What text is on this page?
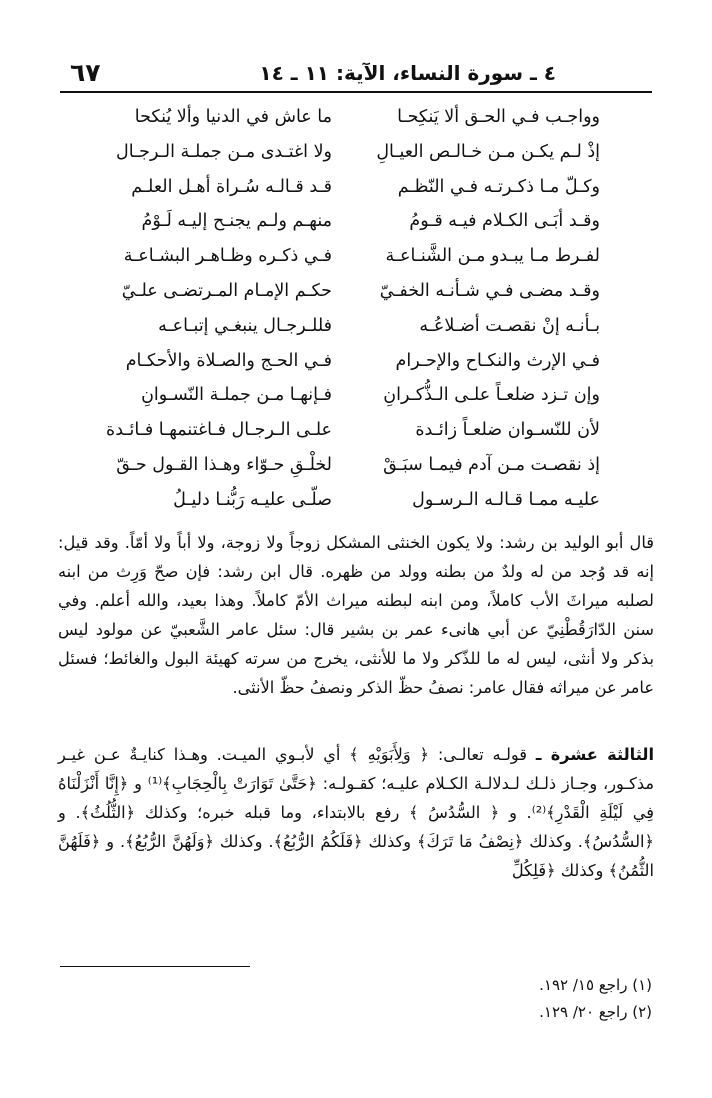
٦٧	٤ ـ سورة النساء، الآية: ١١ ـ ١٤
وواجـب فـي الحـق ألا يَنكِحـا
ما عاش في الدنيا وألا يُنكحا
إذْ لـم يكـن مـن خـالـص العيـالِ
ولا اغتـدى مـن جملـة الـرجـال
وكـلّ مـا ذكـرتـه فـي النّظـم
قـد قـالـه سُـراة أهـل العلـم
وقـد أبَـى الكـلام فيـه قـومُ
منهـم ولـم يجنـح إليـه لَـوْمُ
لفـرط مـا يبـدو مـن الشَّنـاعـة
فـي ذكـره وظـاهـر البشـاعـة
وقـد مضـى فـي شـأنـه الخفـيّ
حكـم الإمـام المـرتضـى علـيّ
بـأنـه إنْ نقصـت أضـلاعُـه
فللـرجـال ينبغـي إتبـاعـه
فـي الإرث والنكـاح والإحـرام
فـي الحـج والصـلاة والأحكـام
وإن تـزد ضلعـاً علـى الـذُّكـرانِ
فـإنهـا مـن جملـة النّسـوانِ
لأن للنّسـوان ضلعـاً زائـدة
علـى الـرجـال فـاغتنمهـا فـائـدة
إذ نقصـت مـن آدم فيمـا سبَـقْ
لخلْـقِ حـوّاء وهـذا القـول حـقّ
عليـه ممـا قـالـه الـرسـول
صلّـى عليـه رَبُّنـا دليـلُ

قال أبو الوليد بن رشد: ولا يكون الخنثى المشكل زوجاً ولا زوجة، ولا أباً ولا أمّاً. وقد قيل: إنه قد وُجد من له ولدٌ من بطنه وولد من ظهره. قال ابن رشد: فإن صحّ وَرِث من ابنه لصلبه ميراثَ الأب كاملاً، ومن ابنه لبطنه ميراث الأمّ كاملاً. وهذا بعيد، والله أعلم. وفي سنن الدّارَقُطْنِيّ عن أبي هانىء عمر بن بشير قال: سئل عامر الشَّعبيّ عن مولود ليس بذكر ولا أنثى، ليس له ما للذّكر ولا ما للأنثى، يخرج من سرته كهيئة البول والغائط؛ فسئل عامر عن ميراثه فقال عامر: نصفُ حظّ الذكر ونصفُ حظّ الأنثى.

الثالثة عشرة ـ قولـه تعالـى: ﴿ وَلِأَبَوَيْهِ ﴾ أي لأبـوي الميـت. وهـذا كنايـةٌ عـن غيـر مذكـور، وجـاز ذلـك لـدلالـة الكـلام عليـه؛ كقـولـه: ﴿حَتَّىٰ تَوَارَتْ بِالْحِجَابِ﴾⁽¹⁾ و ﴿إِنَّا أَنْزَلْنَاهُ فِي لَيْلَةِ الْقَدْرِ﴾⁽²⁾. و ﴿ السُّدُسُ ﴾ رفع بالابتداء، وما قبله خبره؛ وكذلك ﴿الثُّلُثُ﴾. و ﴿السُّدُسُ﴾. وكذلك ﴿نِصْفُ مَا تَرَكَ﴾ وكذلك ﴿فَلَكُمُ الرُّبُعُ﴾. وكذلك ﴿وَلَهُنَّ الرُّبُعُ﴾. و ﴿فَلَهُنَّ الثُّمُنُ﴾ وكذلك ﴿فَلِكُلِّ

(١) راجع ١٥/ ١٩٢.
(٢) راجع ٢٠/ ١٢٩.
